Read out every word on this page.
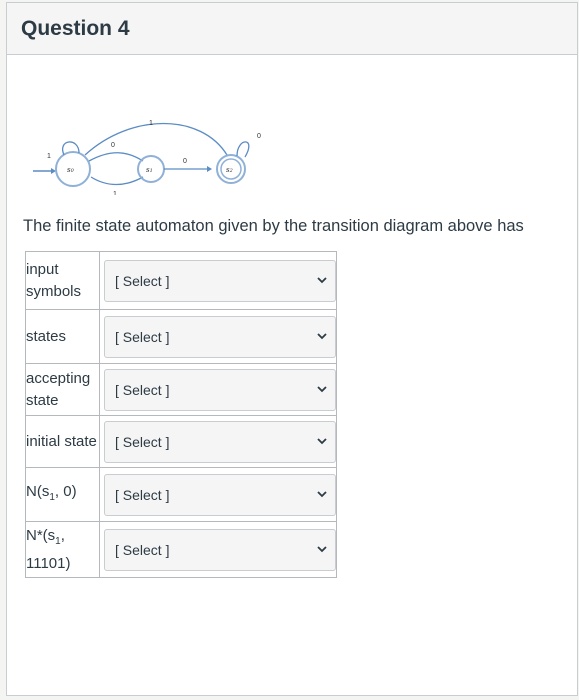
Question 4
s0
1
0
1
s1
0
1
s2
0
The finite state automaton given by the transition diagram above has
input symbols	[ Select ]

states	[ Select ]

accepting state	[ Select ]

initial state	[ Select ]

$N(s_1$, 0)	[ Select ]

$N*(s_1$, 11101)	[ Select ]
